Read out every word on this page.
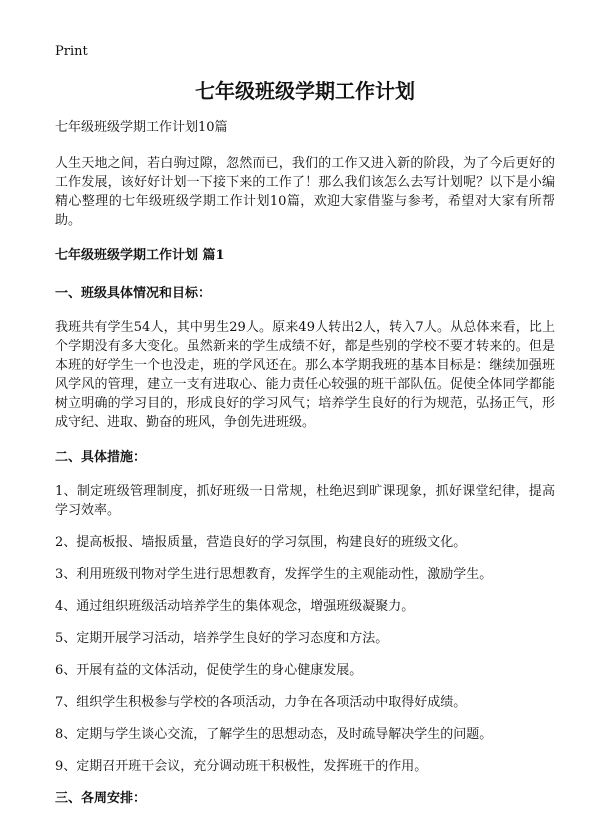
Print
七年级班级学期工作计划
七年级班级学期工作计划10篇

人生天地之间，若白驹过隙，忽然而已，我们的工作又进入新的阶段，为了今后更好的工作发展，该好好计划一下接下来的工作了！那么我们该怎么去写计划呢？以下是小编精心整理的七年级班级学期工作计划10篇，欢迎大家借鉴与参考，希望对大家有所帮助。

七年级班级学期工作计划 篇1
一、班级具体情况和目标：

我班共有学生54人，其中男生29人。原来49人转出2人，转入7人。从总体来看，比上个学期没有多大变化。虽然新来的学生成绩不好，都是些别的学校不要才转来的。但是本班的好学生一个也没走，班的学风还在。那么本学期我班的基本目标是：继续加强班风学风的管理，建立一支有进取心、能力责任心较强的班干部队伍。促使全体同学都能树立明确的学习目的，形成良好的学习风气；培养学生良好的行为规范，弘扬正气，形成守纪、进取、勤奋的班风，争创先进班级。

二、具体措施：

1、制定班级管理制度，抓好班级一日常规，杜绝迟到旷课现象，抓好课堂纪律，提高学习效率。

2、提高板报、墙报质量，营造良好的学习氛围，构建良好的班级文化。

3、利用班级刊物对学生进行思想教育，发挥学生的主观能动性，激励学生。

4、通过组织班级活动培养学生的集体观念，增强班级凝聚力。

5、定期开展学习活动，培养学生良好的学习态度和方法。

6、开展有益的文体活动，促使学生的身心健康发展。

7、组织学生积极参与学校的各项活动，力争在各项活动中取得好成绩。

8、定期与学生谈心交流，了解学生的思想动态，及时疏导解决学生的问题。

9、定期召开班干会议，充分调动班干积极性，发挥班干的作用。

三、各周安排：
